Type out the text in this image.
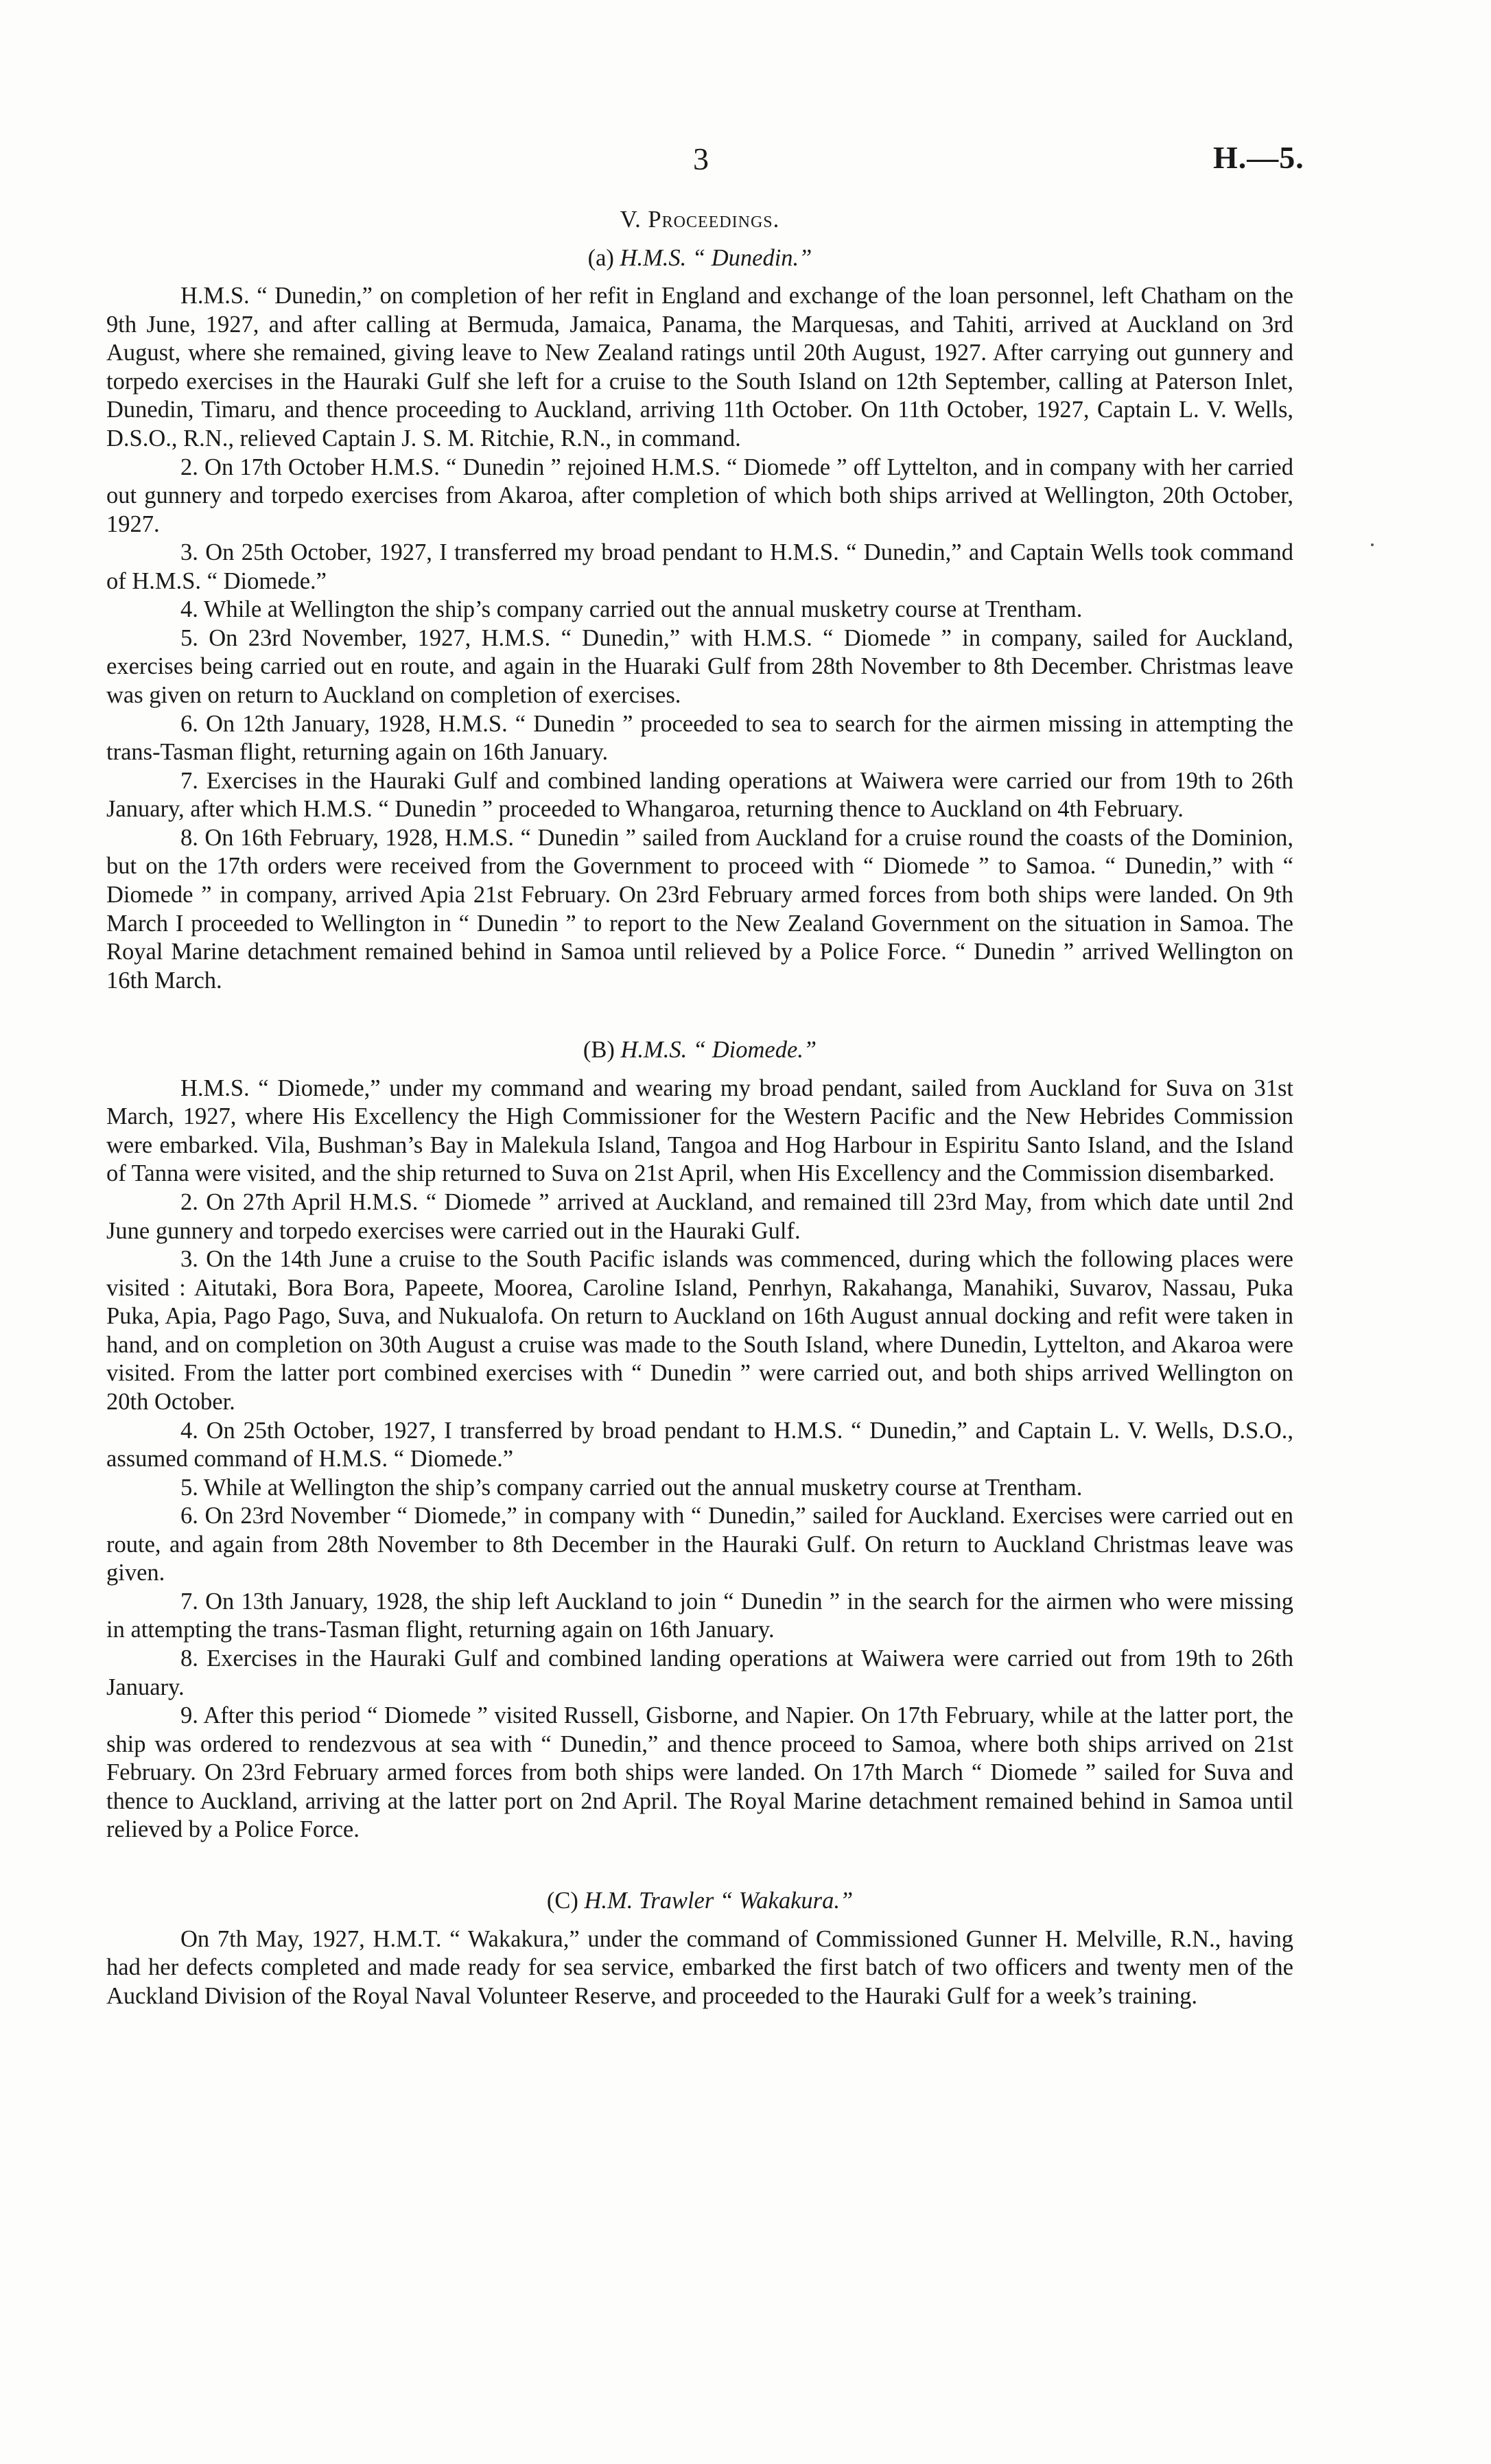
3	H.—5.
V. Proceedings.
(a) H.M.S. “ Dunedin.”

H.M.S. “ Dunedin,” on completion of her refit in England and exchange of the loan personnel, left Chatham on the 9th June, 1927, and after calling at Bermuda, Jamaica, Panama, the Marquesas, and Tahiti, arrived at Auckland on 3rd August, where she remained, giving leave to New Zealand ratings until 20th August, 1927. After carrying out gunnery and torpedo exercises in the Hauraki Gulf she left for a cruise to the South Island on 12th September, calling at Paterson Inlet, Dunedin, Timaru, and thence proceeding to Auckland, arriving 11th October. On 11th October, 1927, Captain L. V. Wells, D.S.O., R.N., relieved Captain J. S. M. Ritchie, R.N., in command.

2. On 17th October H.M.S. “ Dunedin ” rejoined H.M.S. “ Diomede ” off Lyttelton, and in company with her carried out gunnery and torpedo exercises from Akaroa, after completion of which both ships arrived at Wellington, 20th October, 1927.

3. On 25th October, 1927, I transferred my broad pendant to H.M.S. “ Dunedin,” and Captain Wells took command of H.M.S. “ Diomede.”

4. While at Wellington the ship’s company carried out the annual musketry course at Trentham.

5. On 23rd November, 1927, H.M.S. “ Dunedin,” with H.M.S. “ Diomede ” in company, sailed for Auckland, exercises being carried out en route, and again in the Huaraki Gulf from 28th November to 8th December. Christmas leave was given on return to Auckland on completion of exercises.

6. On 12th January, 1928, H.M.S. “ Dunedin ” proceeded to sea to search for the airmen missing in attempting the trans-Tasman flight, returning again on 16th January.

7. Exercises in the Hauraki Gulf and combined landing operations at Waiwera were carried our from 19th to 26th January, after which H.M.S. “ Dunedin ” proceeded to Whangaroa, returning thence to Auckland on 4th February.

8. On 16th February, 1928, H.M.S. “ Dunedin ” sailed from Auckland for a cruise round the coasts of the Dominion, but on the 17th orders were received from the Government to proceed with “ Diomede ” to Samoa. “ Dunedin,” with “ Diomede ” in company, arrived Apia 21st February. On 23rd February armed forces from both ships were landed. On 9th March I proceeded to Wellington in “ Dunedin ” to report to the New Zealand Government on the situation in Samoa. The Royal Marine detachment remained behind in Samoa until relieved by a Police Force. “ Dunedin ” arrived Wellington on 16th March.

(B) H.M.S. “ Diomede.”

H.M.S. “ Diomede,” under my command and wearing my broad pendant, sailed from Auckland for Suva on 31st March, 1927, where His Excellency the High Commissioner for the Western Pacific and the New Hebrides Commission were embarked. Vila, Bushman’s Bay in Malekula Island, Tangoa and Hog Harbour in Espiritu Santo Island, and the Island of Tanna were visited, and the ship returned to Suva on 21st April, when His Excellency and the Commission disembarked.

2. On 27th April H.M.S. “ Diomede ” arrived at Auckland, and remained till 23rd May, from which date until 2nd June gunnery and torpedo exercises were carried out in the Hauraki Gulf.

3. On the 14th June a cruise to the South Pacific islands was commenced, during which the following places were visited : Aitutaki, Bora Bora, Papeete, Moorea, Caroline Island, Penrhyn, Rakahanga, Manahiki, Suvarov, Nassau, Puka Puka, Apia, Pago Pago, Suva, and Nukualofa. On return to Auckland on 16th August annual docking and refit were taken in hand, and on completion on 30th August a cruise was made to the South Island, where Dunedin, Lyttelton, and Akaroa were visited. From the latter port combined exercises with “ Dunedin ” were carried out, and both ships arrived Wellington on 20th October.

4. On 25th October, 1927, I transferred by broad pendant to H.M.S. “ Dunedin,” and Captain L. V. Wells, D.S.O., assumed command of H.M.S. “ Diomede.”

5. While at Wellington the ship’s company carried out the annual musketry course at Trentham.

6. On 23rd November “ Diomede,” in company with “ Dunedin,” sailed for Auckland. Exercises were carried out en route, and again from 28th November to 8th December in the Hauraki Gulf. On return to Auckland Christmas leave was given.

7. On 13th January, 1928, the ship left Auckland to join “ Dunedin ” in the search for the airmen who were missing in attempting the trans-Tasman flight, returning again on 16th January.

8. Exercises in the Hauraki Gulf and combined landing operations at Waiwera were carried out from 19th to 26th January.

9. After this period “ Diomede ” visited Russell, Gisborne, and Napier. On 17th February, while at the latter port, the ship was ordered to rendezvous at sea with “ Dunedin,” and thence proceed to Samoa, where both ships arrived on 21st February. On 23rd February armed forces from both ships were landed. On 17th March “ Diomede ” sailed for Suva and thence to Auckland, arriving at the latter port on 2nd April. The Royal Marine detachment remained behind in Samoa until relieved by a Police Force.

(C) H.M. Trawler “ Wakakura.”

On 7th May, 1927, H.M.T. “ Wakakura,” under the command of Commissioned Gunner H. Melville, R.N., having had her defects completed and made ready for sea service, embarked the first batch of two officers and twenty men of the Auckland Division of the Royal Naval Volunteer Reserve, and proceeded to the Hauraki Gulf for a week’s training.
